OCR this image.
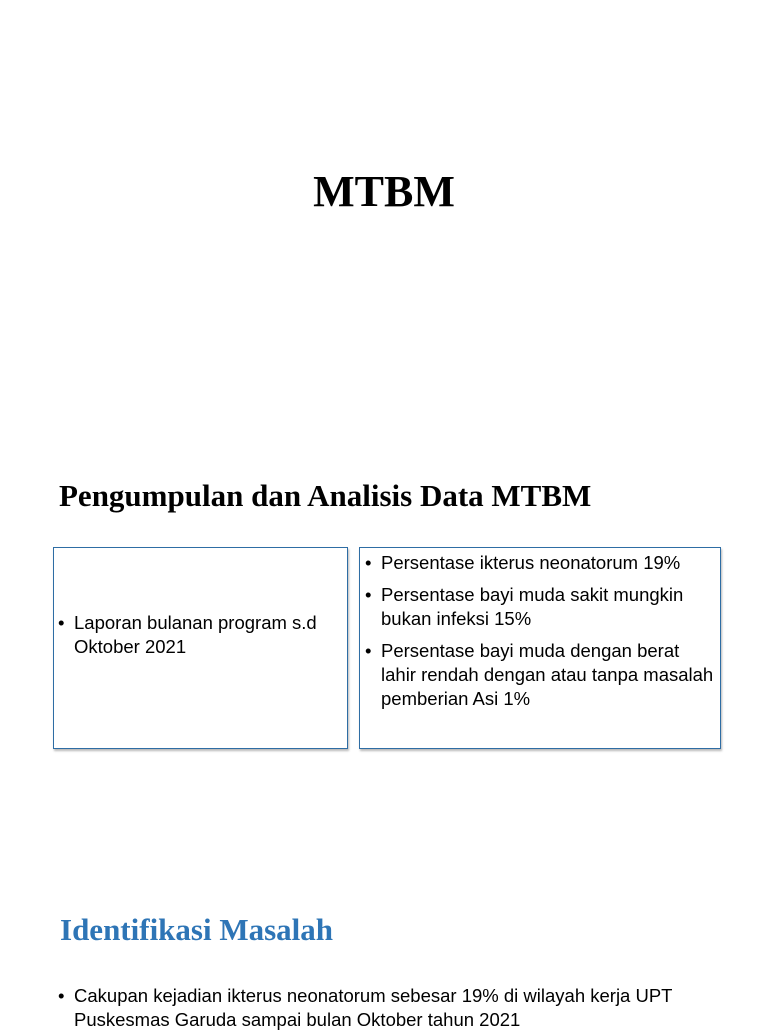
MTBM
Pengumpulan dan Analisis Data MTBM
• Laporan bulanan program s.d Oktober 2021
• Persentase ikterus neonatorum 19%
• Persentase bayi muda sakit mungkin bukan infeksi 15%
• Persentase bayi muda dengan berat lahir rendah dengan atau tanpa masalah pemberian Asi 1%
Identifikasi Masalah
• Cakupan kejadian ikterus neonatorum sebesar 19% di wilayah kerja UPT Puskesmas Garuda sampai bulan Oktober tahun 2021
